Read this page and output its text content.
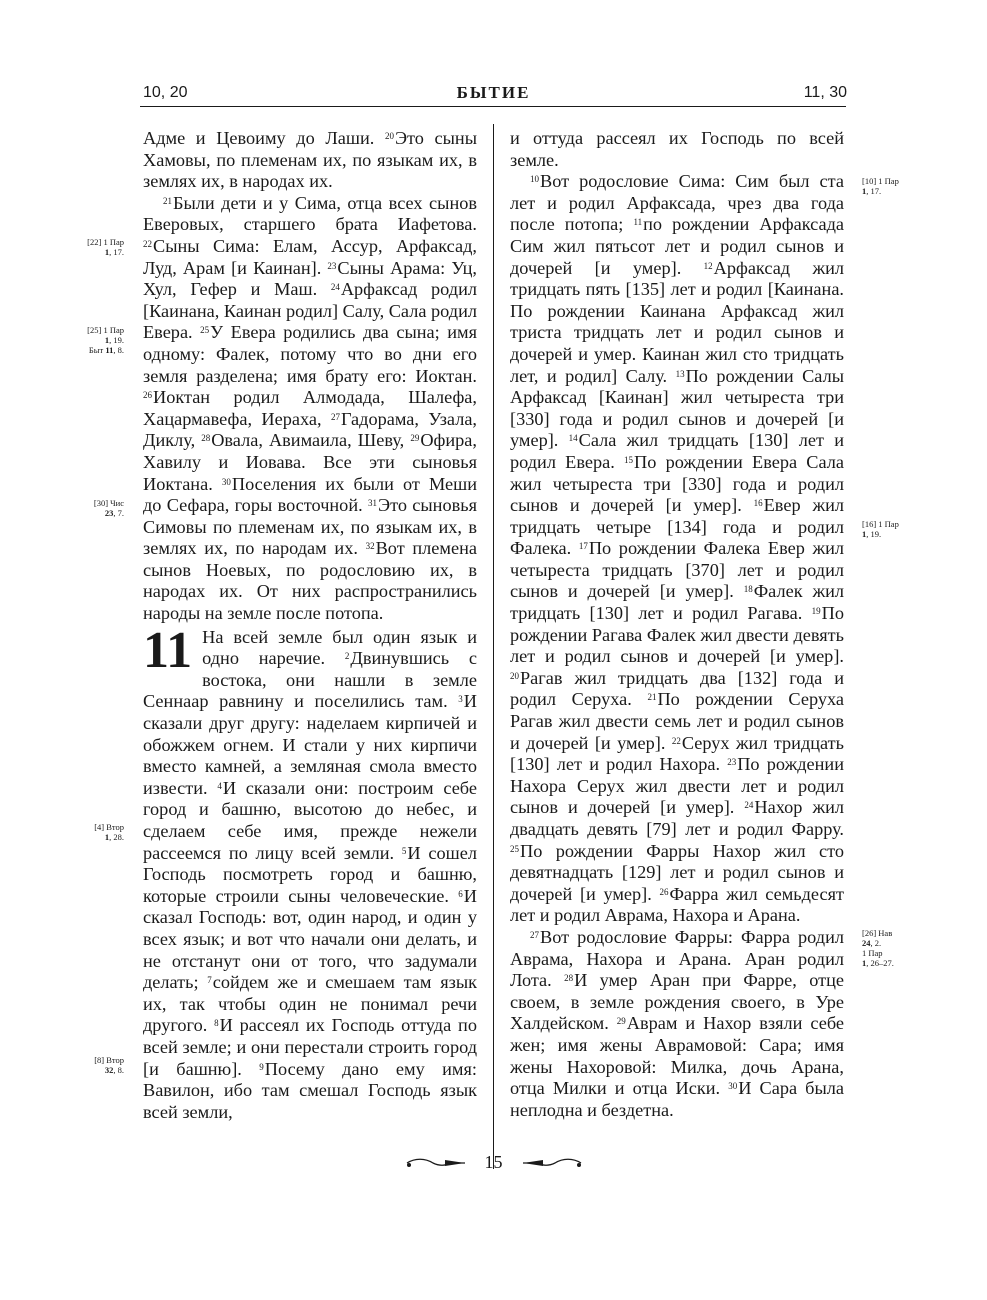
10, 20	БЫТИЕ	11, 30

Адме и Цевоиму до Лаши. $^{20}$Это сыны Хамовы, по племенам их, по языкам их, в землях их, в народах их.

$^{21}$Были дети и у Сима, отца всех сынов Еверовых, старшего брата Иафетова. $^{22}$Сыны Сима: Елам, Ассур, Арфаксад, Луд, Арам [и Каинан]. $^{23}$Сыны Арама: Уц, Хул, Гефер и Маш. $^{24}$Арфаксад родил [Каинана, Каинан родил] Салу, Сала родил Евера. $^{25}$У Евера родились два сына; имя одному: Фалек, потому что во дни его земля разделена; имя брату его: Иоктан. $^{26}$Иоктан родил Алмодада, Шалефа, Хацармавефа, Иераха, $^{27}$Гадорама, Узала, Диклу, $^{28}$Овала, Авимаила, Шеву, $^{29}$Офира, Хавилу и Иовава. Все эти сыновья Иоктана. $^{30}$Поселения их были от Меши до Сефара, горы восточной. $^{31}$Это сыновья Симовы по племенам их, по языкам их, в землях их, по народам их. $^{32}$Вот племена сынов Ноевых, по родословию их, в народах их. От них распространились народы на земле после потопа.

11 На всей земле был один язык и одно наречие. $^2$Двинувшись с востока, они нашли в земле Сеннаар равнину и поселились там. $^3$И сказали друг другу: наделаем кирпичей и обожжем огнем. И стали у них кирпичи вместо камней, а земляная смола вместо извести. $^4$И сказали они: построим себе город и башню, высотою до небес, и сделаем себе имя, прежде нежели рассеемся по лицу всей земли. $^5$И сошел Господь посмотреть город и башню, которые строили сыны человеческие. $^6$И сказал Господь: вот, один народ, и один у всех язык; и вот что начали они делать, и не отстанут они от того, что задумали делать; $^7$сойдем же и смешаем там язык их, так чтобы один не понимал речи другого. $^8$И рассеял их Господь оттуда по всей земле; и они перестали строить город [и башню]. $^9$Посему дано ему имя: Вавилон, ибо там смешал Господь язык всей земли,

и оттуда рассеял их Господь по всей земле.

$^{10}$Вот родословие Сима: Сим был ста лет и родил Арфаксада, чрез два года после потопа; $^{11}$по рождении Арфаксада Сим жил пятьсот лет и родил сынов и дочерей [и умер]. $^{12}$Арфаксад жил тридцать пять [135] лет и родил [Каинана. По рождении Каинана Арфаксад жил триста тридцать лет и родил сынов и дочерей и умер. Каинан жил сто тридцать лет, и родил] Салу. $^{13}$По рождении Салы Арфаксад [Каинан] жил четыреста три [330] года и родил сынов и дочерей [и умер]. $^{14}$Сала жил тридцать [130] лет и родил Евера. $^{15}$По рождении Евера Сала жил четыреста три [330] года и родил сынов и дочерей [и умер]. $^{16}$Евер жил тридцать четыре [134] года и родил Фалека. $^{17}$По рождении Фалека Евер жил четыреста тридцать [370] лет и родил сынов и дочерей [и умер]. $^{18}$Фалек жил тридцать [130] лет и родил Рагава. $^{19}$По рождении Рагава Фалек жил двести девять лет и родил сынов и дочерей [и умер]. $^{20}$Рагав жил тридцать два [132] года и родил Серуха. $^{21}$По рождении Серуха Рагав жил двести семь лет и родил сынов и дочерей [и умер]. $^{22}$Серух жил тридцать [130] лет и родил Нахора. $^{23}$По рождении Нахора Серух жил двести лет и родил сынов и дочерей [и умер]. $^{24}$Нахор жил двадцать девять [79] лет и родил Фарру. $^{25}$По рождении Фарры Нахор жил сто девятнадцать [129] лет и родил сынов и дочерей [и умер]. $^{26}$Фарра жил семьдесят лет и родил Аврама, Нахора и Арана.

$^{27}$Вот родословие Фарры: Фарра родил Аврама, Нахора и Арана. Аран родил Лота. $^{28}$И умер Аран при Фарре, отце своем, в земле рождения своего, в Уре Халдейском. $^{29}$Аврам и Нахор взяли себе жен; имя жены Аврамовой: Сара; имя жены Нахоровой: Милка, дочь Арана, отца Милки и отца Иски. $^{30}$И Сара была неплодна и бездетна.

[22] 1 Пар
1, 17.
[25] 1 Пар
1, 19.
Быт 11, 8.
[30] Чис
23, 7.
[4] Втор
1, 28.
[8] Втор
32, 8.
[10] 1 Пар
1, 17.
[16] 1 Пар
1, 19.
[26] Нав
24, 2.
1 Пар
1, 26–27.
15
